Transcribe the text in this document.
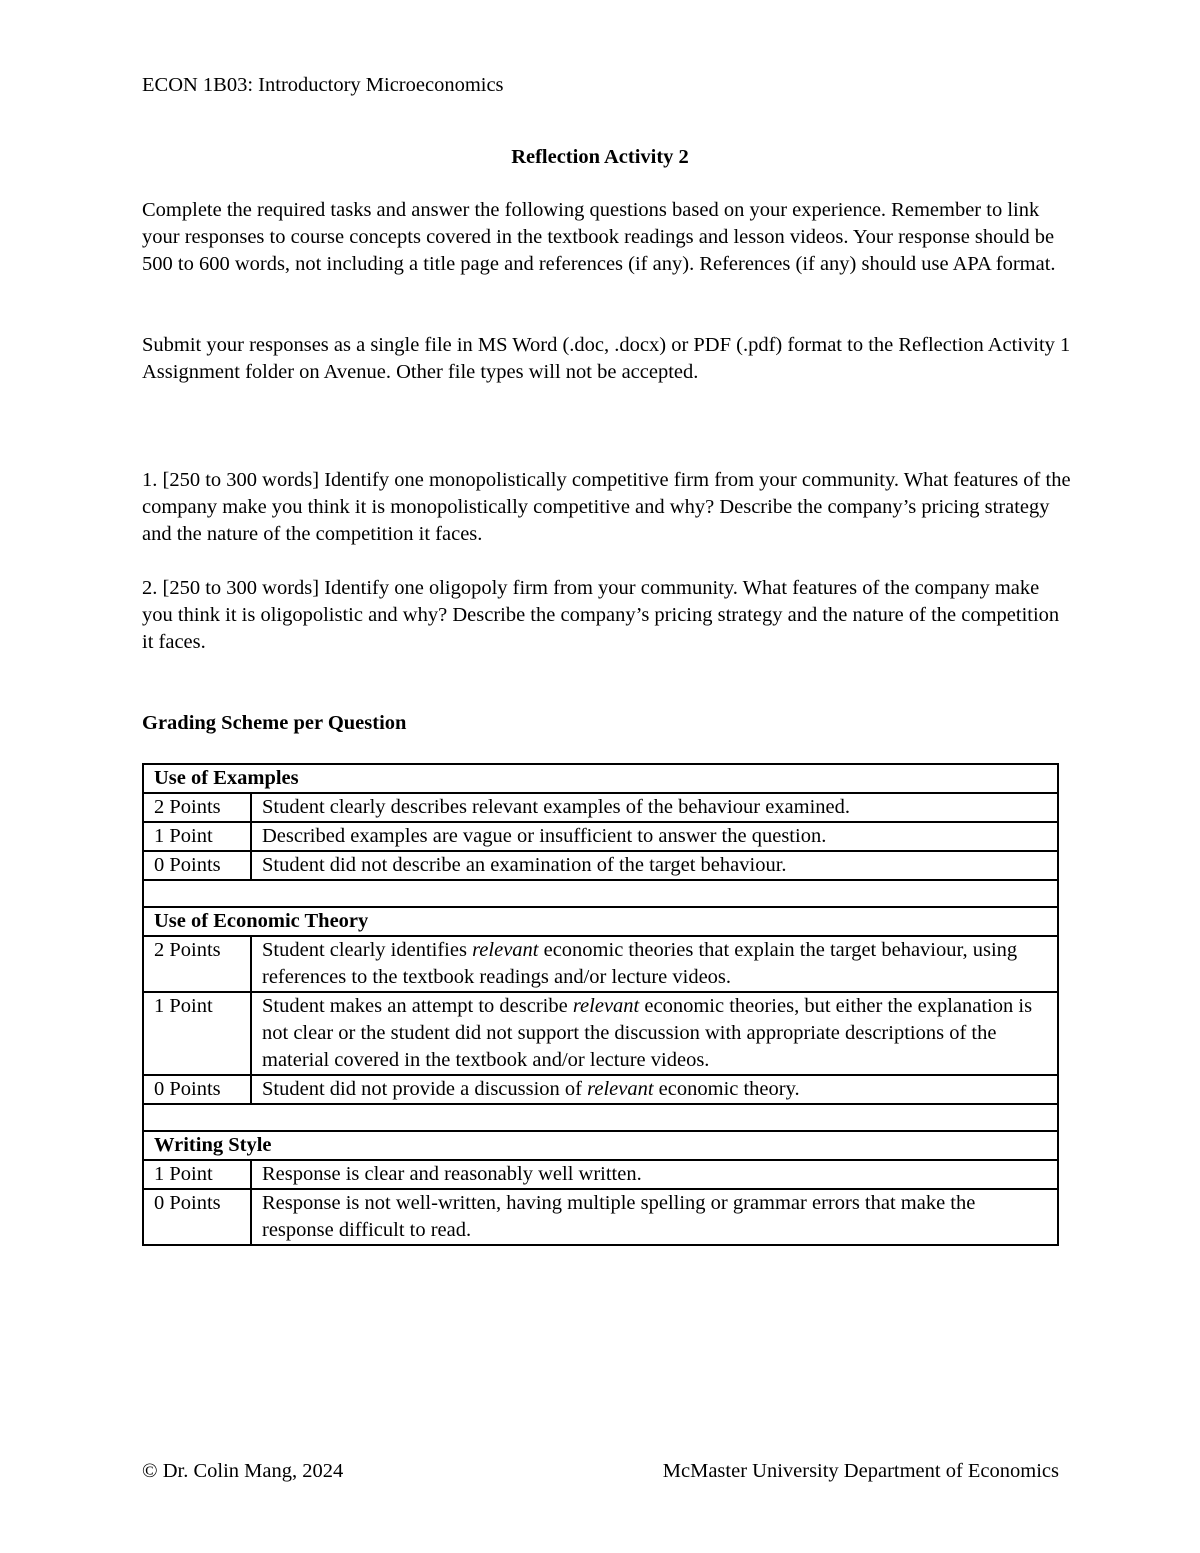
ECON 1B03: Introductory Microeconomics
Reflection Activity 2

Complete the required tasks and answer the following questions based on your experience. Remember to link your responses to course concepts covered in the textbook readings and lesson videos. Your response should be 500 to 600 words, not including a title page and references (if any). References (if any) should use APA format.

Submit your responses as a single file in MS Word (.doc, .docx) or PDF (.pdf) format to the Reflection Activity 1 Assignment folder on Avenue. Other file types will not be accepted.

1. [250 to 300 words] Identify one monopolistically competitive firm from your community. What features of the company make you think it is monopolistically competitive and why? Describe the company’s pricing strategy and the nature of the competition it faces.

2. [250 to 300 words] Identify one oligopoly firm from your community. What features of the company make you think it is oligopolistic and why? Describe the company’s pricing strategy and the nature of the competition it faces.

Grading Scheme per Question
Use of Examples	
2 Points	Student clearly describes relevant examples of the behaviour examined.
1 Point	Described examples are vague or insufficient to answer the question.
0 Points	Student did not describe an examination of the target behaviour.

Use of Economic Theory	
2 Points	Student clearly identifies relevant economic theories that explain the target behaviour, using references to the textbook readings and/or lecture videos.
1 Point	Student makes an attempt to describe relevant economic theories, but either the explanation is not clear or the student did not support the discussion with appropriate descriptions of the material covered in the textbook and/or lecture videos.
0 Points	Student did not provide a discussion of relevant economic theory.

Writing Style	
1 Point	Response is clear and reasonably well written.
0 Points	Response is not well-written, having multiple spelling or grammar errors that make the response difficult to read.
© Dr. Colin Mang, 2024	McMaster University Department of Economics
